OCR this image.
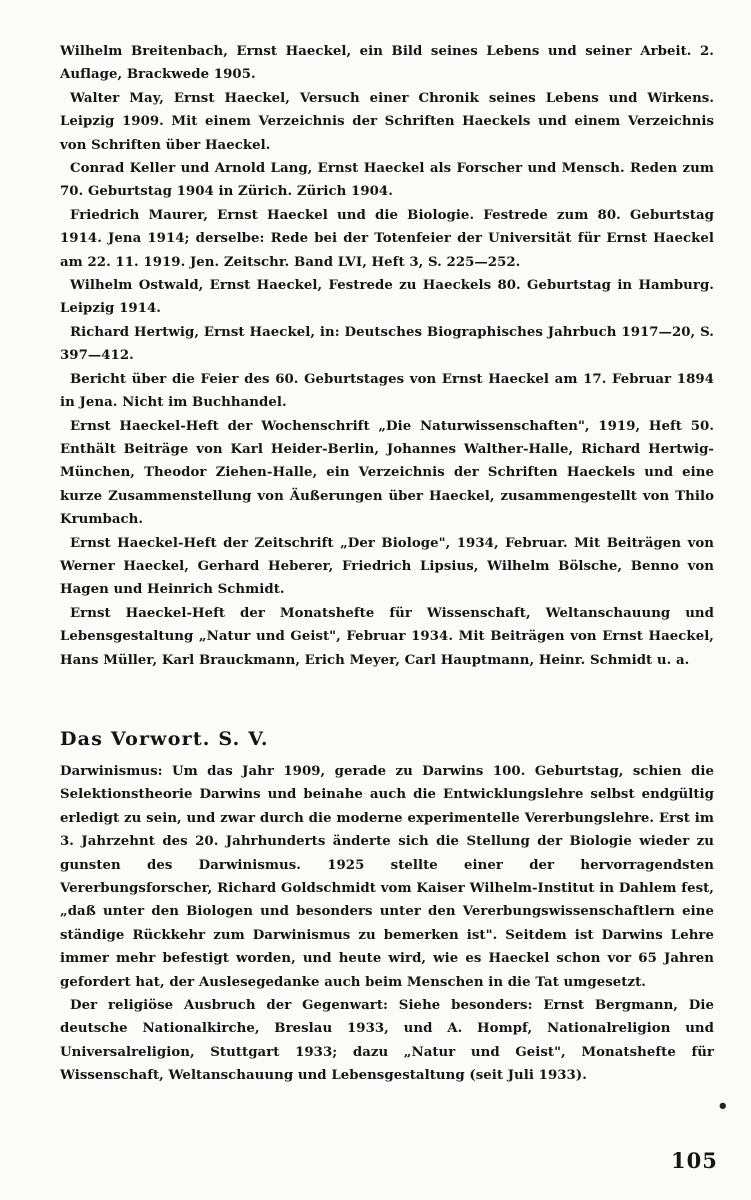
Wilhelm Breitenbach, Ernst Haeckel, ein Bild seines Lebens und seiner Arbeit. 2. Auflage, Brackwede 1905.

Walter May, Ernst Haeckel, Versuch einer Chronik seines Lebens und Wirkens. Leipzig 1909. Mit einem Verzeichnis der Schriften Haeckels und einem Verzeichnis von Schriften über Haeckel.

Conrad Keller und Arnold Lang, Ernst Haeckel als Forscher und Mensch. Reden zum 70. Geburtstag 1904 in Zürich. Zürich 1904.

Friedrich Maurer, Ernst Haeckel und die Biologie. Festrede zum 80. Geburtstag 1914. Jena 1914; derselbe: Rede bei der Totenfeier der Universität für Ernst Haeckel am 22. 11. 1919. Jen. Zeitschr. Band LVI, Heft 3, S. 225—252.

Wilhelm Ostwald, Ernst Haeckel, Festrede zu Haeckels 80. Geburtstag in Hamburg. Leipzig 1914.

Richard Hertwig, Ernst Haeckel, in: Deutsches Biographisches Jahrbuch 1917—20, S. 397—412.

Bericht über die Feier des 60. Geburtstages von Ernst Haeckel am 17. Februar 1894 in Jena. Nicht im Buchhandel.

Ernst Haeckel-Heft der Wochenschrift „Die Naturwissenschaften", 1919, Heft 50. Enthält Beiträge von Karl Heider-Berlin, Johannes Walther-Halle, Richard Hertwig-München, Theodor Ziehen-Halle, ein Verzeichnis der Schriften Haeckels und eine kurze Zusammenstellung von Äußerungen über Haeckel, zusammengestellt von Thilo Krumbach.

Ernst Haeckel-Heft der Zeitschrift „Der Biologe", 1934, Februar. Mit Beiträgen von Werner Haeckel, Gerhard Heberer, Friedrich Lipsius, Wilhelm Bölsche, Benno von Hagen und Heinrich Schmidt.

Ernst Haeckel-Heft der Monatshefte für Wissenschaft, Weltanschauung und Lebensgestaltung „Natur und Geist", Februar 1934. Mit Beiträgen von Ernst Haeckel, Hans Müller, Karl Brauckmann, Erich Meyer, Carl Hauptmann, Heinr. Schmidt u. a.

Das Vorwort. S. V.

Darwinismus: Um das Jahr 1909, gerade zu Darwins 100. Geburtstag, schien die Selektionstheorie Darwins und beinahe auch die Entwicklungslehre selbst endgültig erledigt zu sein, und zwar durch die moderne experimentelle Vererbungslehre. Erst im 3. Jahrzehnt des 20. Jahrhunderts änderte sich die Stellung der Biologie wieder zu gunsten des Darwinismus. 1925 stellte einer der hervorragendsten Vererbungsforscher, Richard Goldschmidt vom Kaiser Wilhelm-Institut in Dahlem fest, „daß unter den Biologen und besonders unter den Vererbungswissenschaftlern eine ständige Rückkehr zum Darwinismus zu bemerken ist". Seitdem ist Darwins Lehre immer mehr befestigt worden, und heute wird, wie es Haeckel schon vor 65 Jahren gefordert hat, der Auslesegedanke auch beim Menschen in die Tat umgesetzt.

Der religiöse Ausbruch der Gegenwart: Siehe besonders: Ernst Bergmann, Die deutsche Nationalkirche, Breslau 1933, und A. Hompf, Nationalreligion und Universalreligion, Stuttgart 1933; dazu „Natur und Geist", Monatshefte für Wissenschaft, Weltanschauung und Lebensgestaltung (seit Juli 1933).

•
105
